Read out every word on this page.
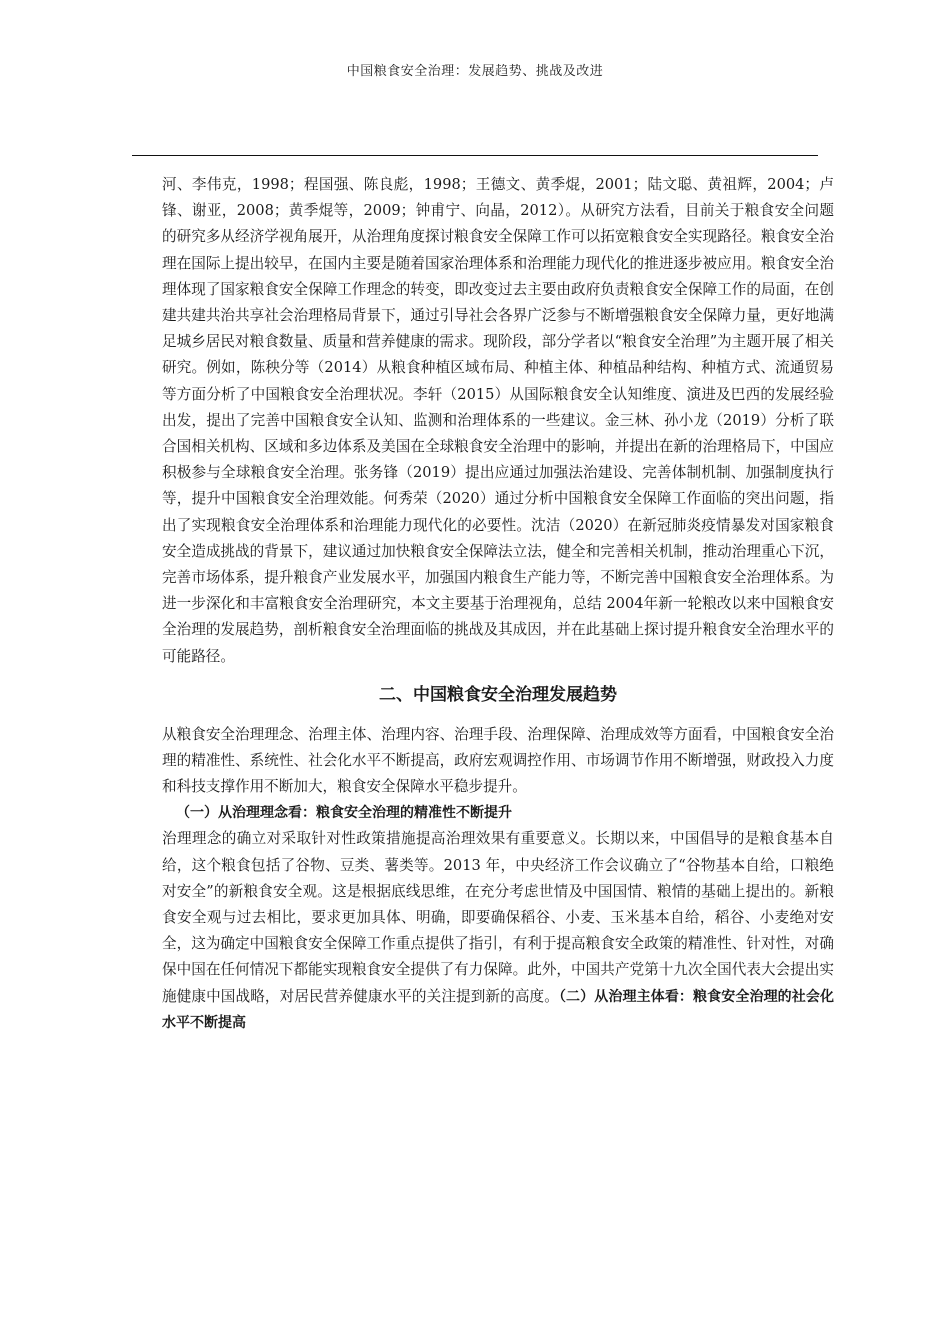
中国粮食安全治理：发展趋势、挑战及改进

河、李伟克，1998；程国强、陈良彪，1998；王德文、黄季焜，2001；陆文聪、黄祖辉，2004；卢锋、谢亚，2008；黄季焜等，2009；钟甫宁、向晶，2012）。从研究方法看，目前关于粮食安全问题的研究多从经济学视角展开，从治理角度探讨粮食安全保障工作可以拓宽粮食安全实现路径。粮食安全治理在国际上提出较早，在国内主要是随着国家治理体系和治理能力现代化的推进逐步被应用。粮食安全治理体现了国家粮食安全保障工作理念的转变，即改变过去主要由政府负责粮食安全保障工作的局面，在创建共建共治共享社会治理格局背景下，通过引导社会各界广泛参与不断增强粮食安全保障力量，更好地满足城乡居民对粮食数量、质量和营养健康的需求。现阶段，部分学者以“粮食安全治理”为主题开展了相关研究。例如，陈秧分等（2014）从粮食种植区域布局、种植主体、种植品种结构、种植方式、流通贸易等方面分析了中国粮食安全治理状况。李轩（2015）从国际粮食安全认知维度、演进及巴西的发展经验出发，提出了完善中国粮食安全认知、监测和治理体系的一些建议。金三林、孙小龙（2019）分析了联合国相关机构、区域和多边体系及美国在全球粮食安全治理中的影响，并提出在新的治理格局下，中国应积极参与全球粮食安全治理。张务锋（2019）提出应通过加强法治建设、完善体制机制、加强制度执行等，提升中国粮食安全治理效能。何秀荣（2020）通过分析中国粮食安全保障工作面临的突出问题，指出了实现粮食安全治理体系和治理能力现代化的必要性。沈洁（2020）在新冠肺炎疫情暴发对国家粮食安全造成挑战的背景下，建议通过加快粮食安全保障法立法，健全和完善相关机制，推动治理重心下沉，完善市场体系，提升粮食产业发展水平，加强国内粮食生产能力等，不断完善中国粮食安全治理体系。为进一步深化和丰富粮食安全治理研究，本文主要基于治理视角，总结 2004年新一轮粮改以来中国粮食安全治理的发展趋势，剖析粮食安全治理面临的挑战及其成因，并在此基础上探讨提升粮食安全治理水平的可能路径。

二、中国粮食安全治理发展趋势

从粮食安全治理理念、治理主体、治理内容、治理手段、治理保障、治理成效等方面看，中国粮食安全治理的精准性、系统性、社会化水平不断提高，政府宏观调控作用、市场调节作用不断增强，财政投入力度和科技支撑作用不断加大，粮食安全保障水平稳步提升。

（一）从治理理念看：粮食安全治理的精准性不断提升

治理理念的确立对采取针对性政策措施提高治理效果有重要意义。长期以来，中国倡导的是粮食基本自给，这个粮食包括了谷物、豆类、薯类等。2013 年，中央经济工作会议确立了“谷物基本自给，口粮绝对安全”的新粮食安全观。这是根据底线思维，在充分考虑世情及中国国情、粮情的基础上提出的。新粮食安全观与过去相比，要求更加具体、明确，即要确保稻谷、小麦、玉米基本自给，稻谷、小麦绝对安全，这为确定中国粮食安全保障工作重点提供了指引，有利于提高粮食安全政策的精准性、针对性，对确保中国在任何情况下都能实现粮食安全提供了有力保障。此外，中国共产党第十九次全国代表大会提出实施健康中国战略，对居民营养健康水平的关注提到新的高度。（二）从治理主体看：粮食安全治理的社会化水平不断提高
